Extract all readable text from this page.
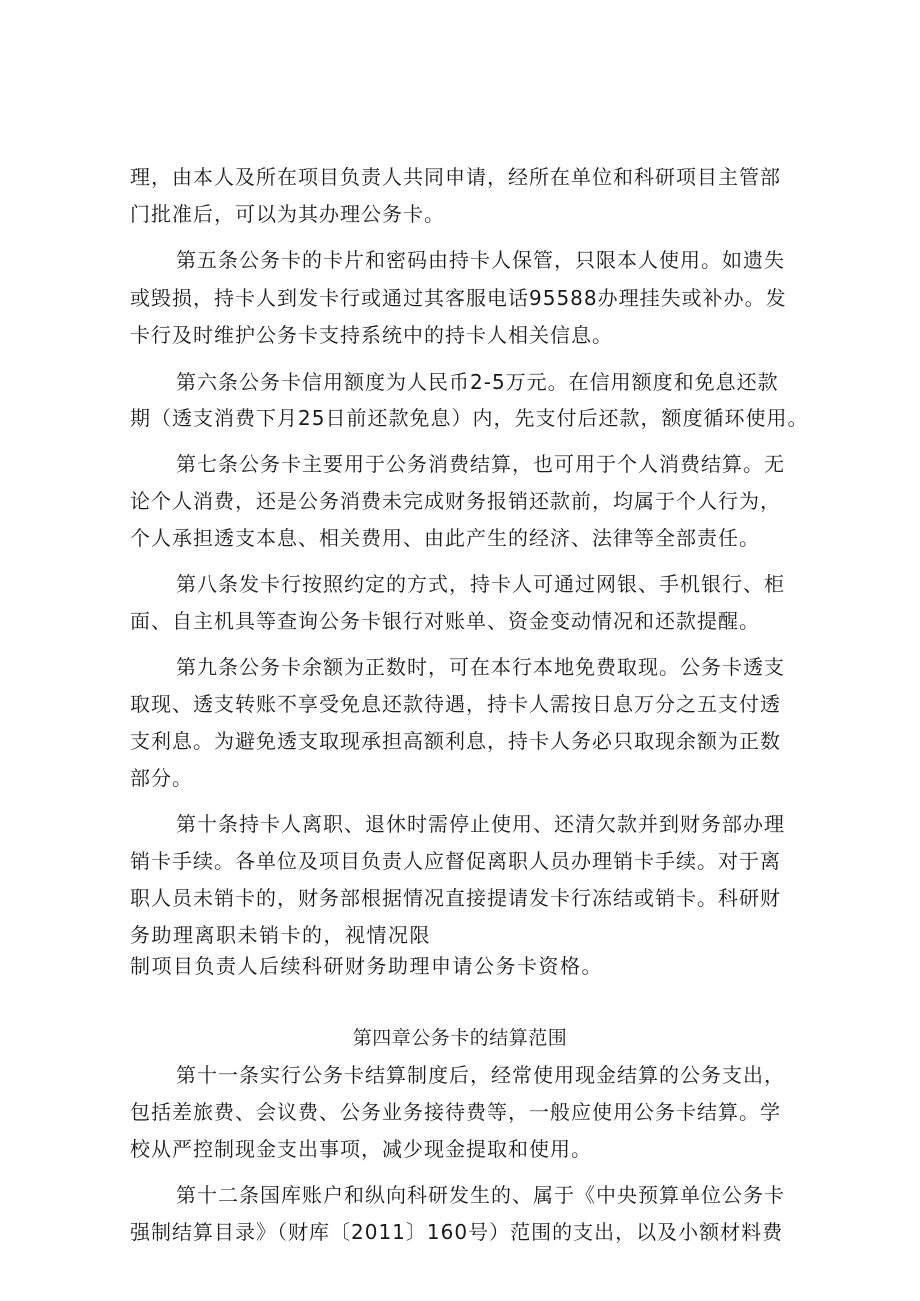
理，由本人及所在项目负责人共同申请，经所在单位和科研项目主管部
门批准后，可以为其办理公务卡。
第五条公务卡的卡片和密码由持卡人保管，只限本人使用。如遗失
或毁损，持卡人到发卡行或通过其客服电话95588办理挂失或补办。发
卡行及时维护公务卡支持系统中的持卡人相关信息。
第六条公务卡信用额度为人民币2-5万元。在信用额度和免息还款
期（透支消费下月25日前还款免息）内，先支付后还款，额度循环使用。
第七条公务卡主要用于公务消费结算，也可用于个人消费结算。无
论个人消费，还是公务消费未完成财务报销还款前，均属于个人行为，
个人承担透支本息、相关费用、由此产生的经济、法律等全部责任。
第八条发卡行按照约定的方式，持卡人可通过网银、手机银行、柜
面、自主机具等查询公务卡银行对账单、资金变动情况和还款提醒。
第九条公务卡余额为正数时，可在本行本地免费取现。公务卡透支
取现、透支转账不享受免息还款待遇，持卡人需按日息万分之五支付透
支利息。为避免透支取现承担高额利息，持卡人务必只取现余额为正数
部分。
第十条持卡人离职、退休时需停止使用、还清欠款并到财务部办理
销卡手续。各单位及项目负责人应督促离职人员办理销卡手续。对于离
职人员未销卡的，财务部根据情况直接提请发卡行冻结或销卡。科研财
务助理离职未销卡的，视情况限
制项目负责人后续科研财务助理申请公务卡资格。
第四章公务卡的结算范围
第十一条实行公务卡结算制度后，经常使用现金结算的公务支出，
包括差旅费、会议费、公务业务接待费等，一般应使用公务卡结算。学
校从严控制现金支出事项，减少现金提取和使用。
第十二条国库账户和纵向科研发生的、属于《中央预算单位公务卡
强制结算目录》（财库〔2011〕160号）范围的支出，以及小额材料费
